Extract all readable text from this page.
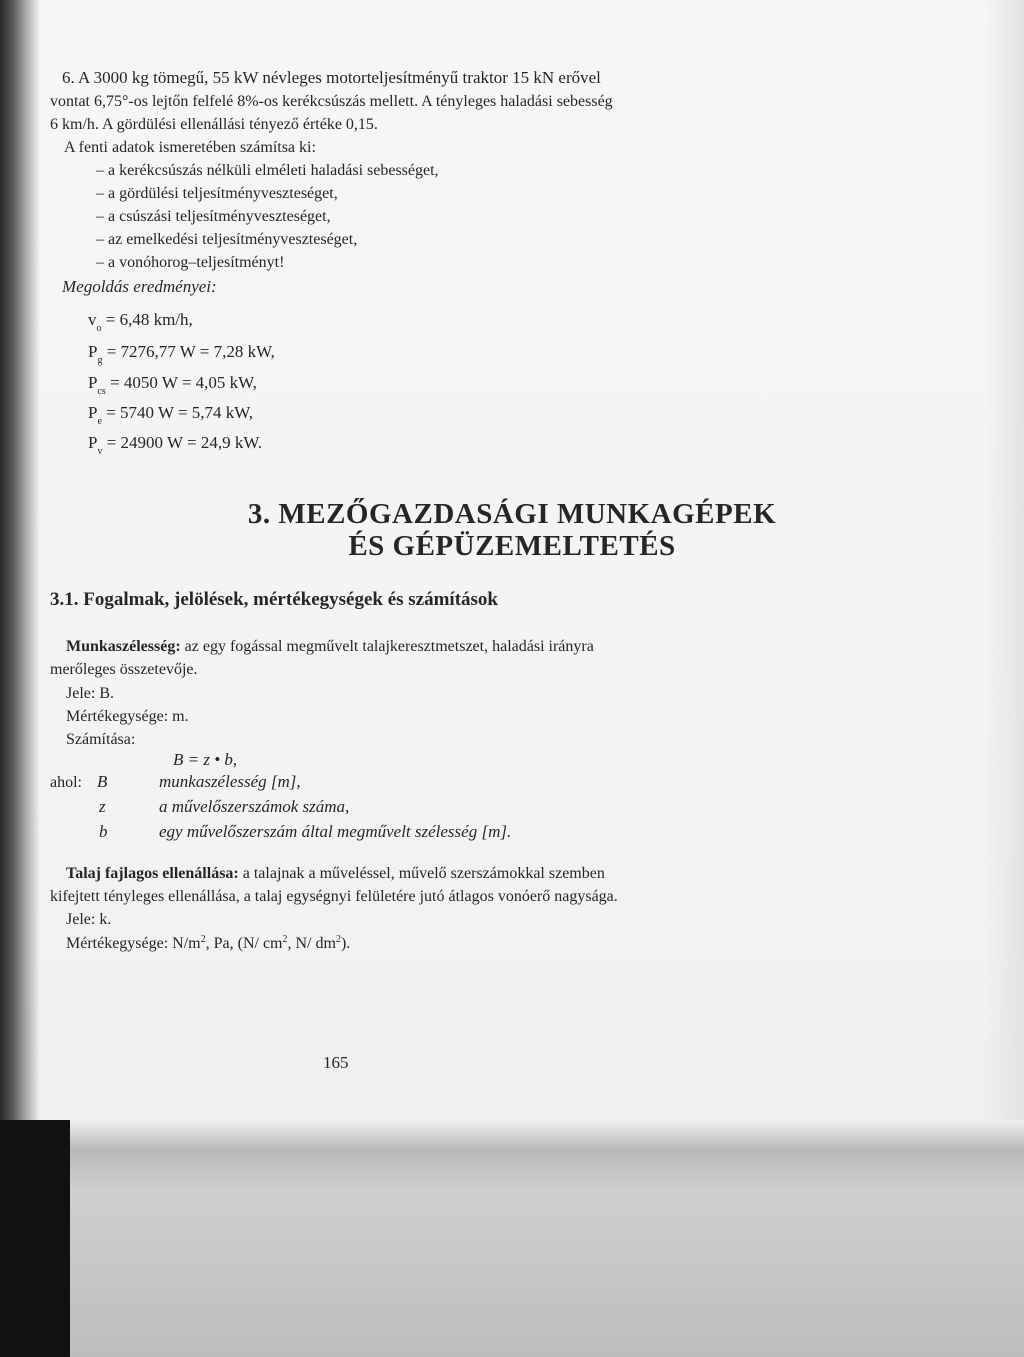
6. A 3000 kg tömegű, 55 kW névleges motorteljesítményű traktor 15 kN erővel
vontat 6,75°-os lejtőn felfelé 8%-os kerékcsúszás mellett. A tényleges haladási sebesség
6 km/h. A gördülési ellenállási tényező értéke 0,15.
A fenti adatok ismeretében számítsa ki:
– a kerékcsúszás nélküli elméleti haladási sebességet,
– a gördülési teljesítményveszteséget,
– a csúszási teljesítményveszteséget,
– az emelkedési teljesítményveszteséget,
– a vonóhorog–teljesítményt!
Megoldás eredményei:
$v_o = 6,48$ km/h,
$P_g = 7276,77$ W = 7,28 kW,
$P_{cs} = 4050$ W = 4,05 kW,
$P_e = 5740$ W = 5,74 kW,
$P_v = 24900$ W = 24,9 kW.
3. MEZŐGAZDASÁGI MUNKAGÉPEK
ÉS GÉPÜZEMELTETÉS
3.1. Fogalmak, jelölések, mértékegységek és számítások
Munkaszélesség: az egy fogással megművelt talajkeresztmetszet, haladási irányra
merőleges összetevője.
Jele: B.
Mértékegysége: m.
Számítása:
B = z • b,
ahol: B	munkaszélesség [m],
z	a művelőszerszámok száma,
b	egy művelőszerszám által megművelt szélesség [m].
Talaj fajlagos ellenállása: a talajnak a műveléssel, művelő szerszámokkal szemben
kifejtett tényleges ellenállása, a talaj egységnyi felületére jutó átlagos vonóerő nagysága.
Jele: k.
Mértékegysége: $N/m^2$, Pa, (N/ $cm^2$, N/ $dm^2$).
165
